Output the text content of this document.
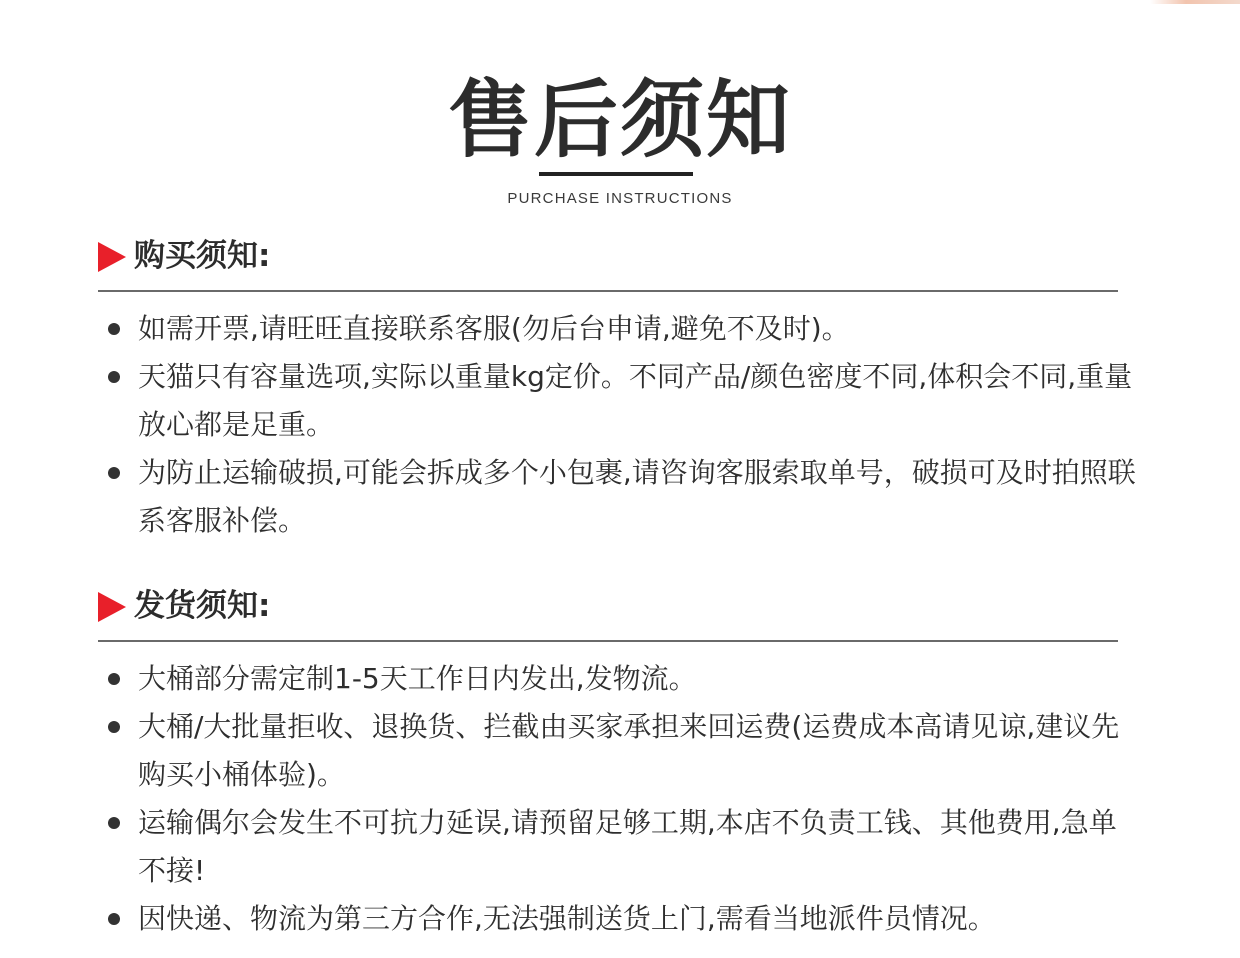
售后须知
PURCHASE INSTRUCTIONS
购买须知:
如需开票,请旺旺直接联系客服(勿后台申请,避免不及时)。
天猫只有容量选项,实际以重量kg定价。不同产品/颜色密度不同,体积会不同,重量放心都是足重。
为防止运输破损,可能会拆成多个小包裹,请咨询客服索取单号，破损可及时拍照联系客服补偿。
发货须知:
大桶部分需定制1-5天工作日内发出,发物流。
大桶/大批量拒收、退换货、拦截由买家承担来回运费(运费成本高请见谅,建议先购买小桶体验)。
运输偶尔会发生不可抗力延误,请预留足够工期,本店不负责工钱、其他费用,急单不接!
因快递、物流为第三方合作,无法强制送货上门,需看当地派件员情况。
